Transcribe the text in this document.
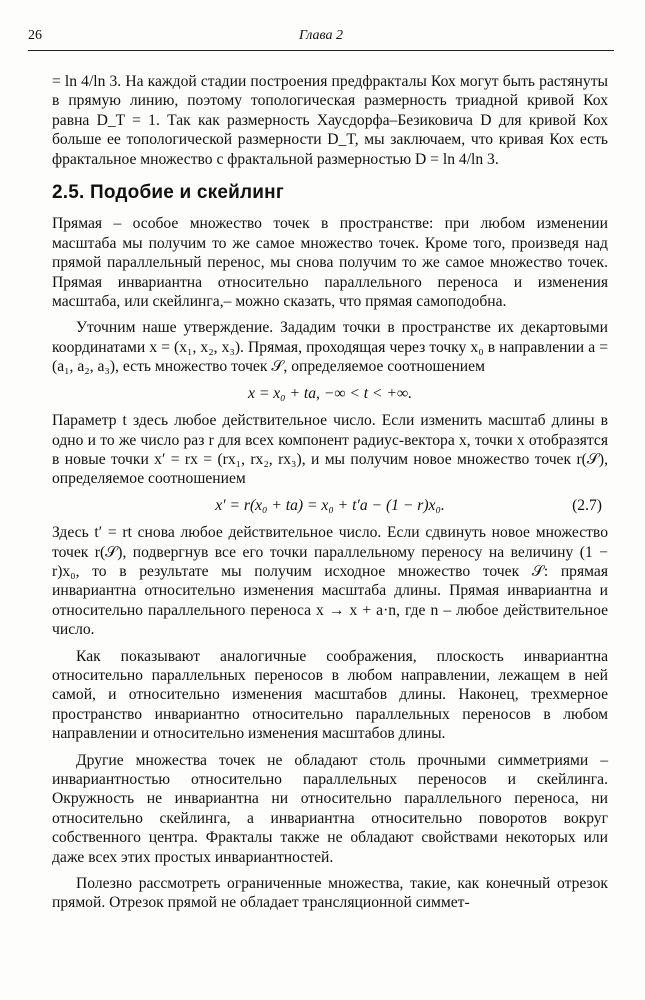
26	Глава 2

= ln 4/ln 3. На каждой стадии построения предфракталы Кох могут быть растянуты в прямую линию, поэтому топологическая размерность триадной кривой Кох равна D_T = 1. Так как размерность Хаусдорфа–Безиковича D для кривой Кох больше ее топологической размерности D_T, мы заключаем, что кривая Кох есть фрактальное множество с фрактальной размерностью D = ln 4/ln 3.

2.5. Подобие и скейлинг

Прямая – особое множество точек в пространстве: при любом изменении масштаба мы получим то же самое множество точек. Кроме того, произведя над прямой параллельный перенос, мы снова получим то же самое множество точек. Прямая инвариантна относительно параллельного переноса и изменения масштаба, или скейлинга,– можно сказать, что прямая самоподобна.

Уточним наше утверждение. Зададим точки в пространстве их декартовыми координатами x = (x₁, x₂, x₃). Прямая, проходящая через точку x₀ в направлении a = (a₁, a₂, a₃), есть множество точек 𝒮, определяемое соотношением

x = x₀ + ta, −∞ < t < +∞.

Параметр t здесь любое действительное число. Если изменить масштаб длины в одно и то же число раз r для всех компонент радиус-вектора x, точки x отобразятся в новые точки x′ = rx = (rx₁, rx₂, rx₃), и мы получим новое множество точек r(𝒮), определяемое соотношением

x′ = r(x₀ + ta) = x₀ + t′a − (1 − r)x₀.	(2.7)

Здесь t′ = rt снова любое действительное число. Если сдвинуть новое множество точек r(𝒮), подвергнув все его точки параллельному переносу на величину (1 − r)x₀, то в результате мы получим исходное множество точек 𝒮: прямая инвариантна относительно изменения масштаба длины. Прямая инвариантна и относительно параллельного переноса x → x + a·n, где n – любое действительное число.

Как показывают аналогичные соображения, плоскость инвариантна относительно параллельных переносов в любом направлении, лежащем в ней самой, и относительно изменения масштабов длины. Наконец, трехмерное пространство инвариантно относительно параллельных переносов в любом направлении и относительно изменения масштабов длины.

Другие множества точек не обладают столь прочными симметриями – инвариантностью относительно параллельных переносов и скейлинга. Окружность не инвариантна ни относительно параллельного переноса, ни относительно скейлинга, а инвариантна относительно поворотов вокруг собственного центра. Фракталы также не обладают свойствами некоторых или даже всех этих простых инвариантностей.

Полезно рассмотреть ограниченные множества, такие, как конечный отрезок прямой. Отрезок прямой не обладает трансляционной симмет-
